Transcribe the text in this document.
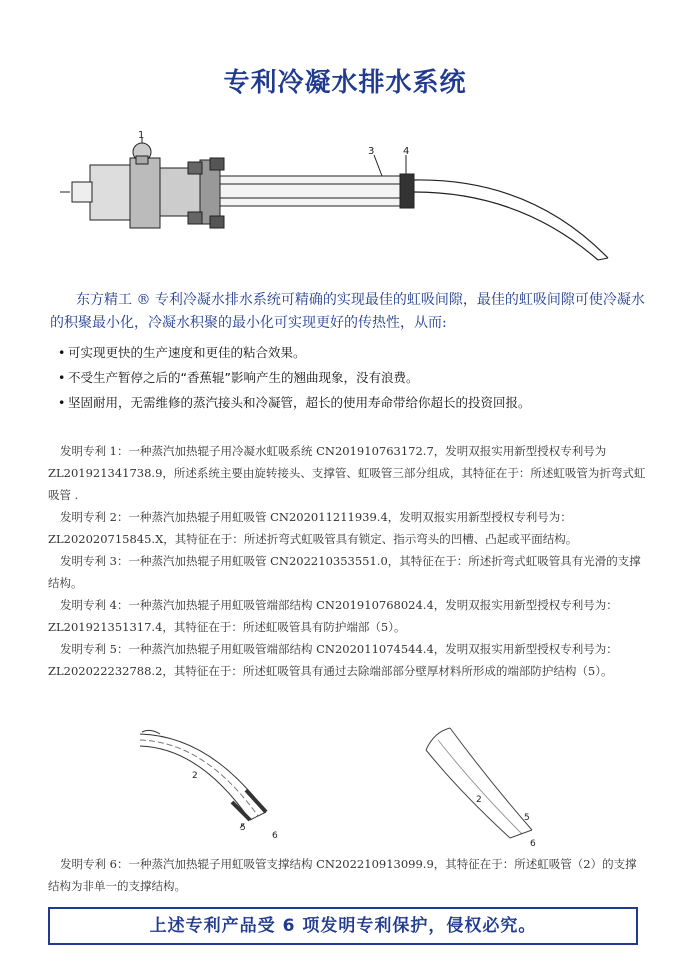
专利冷凝水排水系统
1
3	4
东方精工 ® 专利冷凝水排水系统可精确的实现最佳的虹吸间隙，最佳的虹吸间隙可使冷凝水的积聚最小化，冷凝水积聚的最小化可实现更好的传热性，从而:
• 可实现更快的生产速度和更佳的粘合效果。
• 不受生产暂停之后的“香蕉辊”影响产生的翘曲现象，没有浪费。
• 坚固耐用，无需维修的蒸汽接头和冷凝管，超长的使用寿命带给你超长的投资回报。

发明专利 1：一种蒸汽加热辊子用冷凝水虹吸系统 CN201910763172.7，发明双报实用新型授权专利号为 ZL201921341738.9，所述系统主要由旋转接头、支撑管、虹吸管三部分组成，其特征在于：所述虹吸管为折弯式虹吸管 .

发明专利 2：一种蒸汽加热辊子用虹吸管 CN202011211939.4，发明双报实用新型授权专利号为：ZL202020715845.X，其特征在于：所述折弯式虹吸管具有锁定、指示弯头的凹槽、凸起或平面结构。

发明专利 3：一种蒸汽加热辊子用虹吸管 CN202210353551.0，其特征在于：所述折弯式虹吸管具有光滑的支撑结构。

发明专利 4：一种蒸汽加热辊子用虹吸管端部结构 CN201910768024.4，发明双报实用新型授权专利号为：ZL201921351317.4，其特征在于：所述虹吸管具有防护端部（5）。

发明专利 5：一种蒸汽加热辊子用虹吸管端部结构 CN202011074544.4，发明双报实用新型授权专利号为：ZL202022232788.2，其特征在于：所述虹吸管具有通过去除端部部分壁厚材料所形成的端部防护结构（5）。

2
5
6
2
5
6
发明专利 6：一种蒸汽加热辊子用虹吸管支撑结构 CN202210913099.9，其特征在于：所述虹吸管（2）的支撑结构为非单一的支撑结构。
上述专利产品受 6 项发明专利保护，侵权必究。
